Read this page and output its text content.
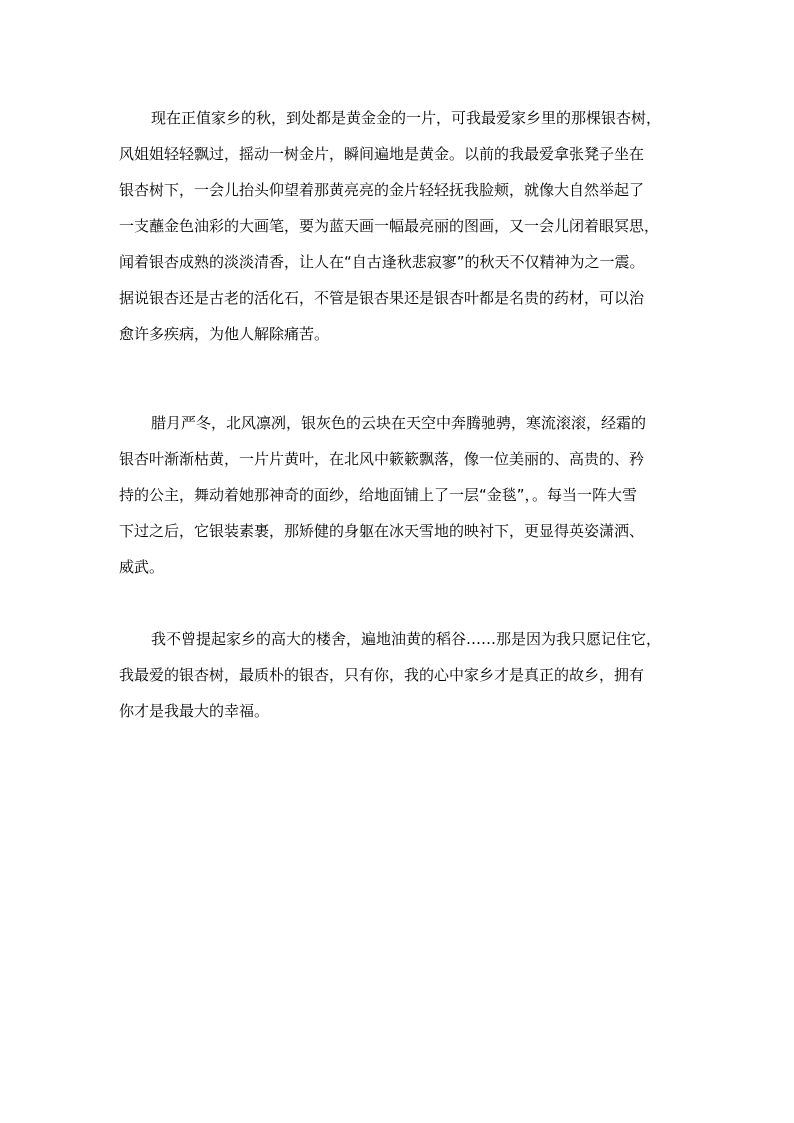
现在正值家乡的秋，到处都是黄金金的一片，可我最爱家乡里的那棵银杏树，
风姐姐轻轻飘过，摇动一树金片，瞬间遍地是黄金。以前的我最爱拿张凳子坐在
银杏树下，一会儿抬头仰望着那黄亮亮的金片轻轻抚我脸颊，就像大自然举起了
一支蘸金色油彩的大画笔，要为蓝天画一幅最亮丽的图画，又一会儿闭着眼冥思，
闻着银杏成熟的淡淡清香，让人在“自古逢秋悲寂寥”的秋天不仅精神为之一震。
据说银杏还是古老的活化石，不管是银杏果还是银杏叶都是名贵的药材，可以治
愈许多疾病，为他人解除痛苦。
腊月严冬，北风凛冽，银灰色的云块在天空中奔腾驰骋，寒流滚滚，经霜的
银杏叶渐渐枯黄，一片片黄叶，在北风中簌簌飘落，像一位美丽的、高贵的、矜
持的公主，舞动着她那神奇的面纱，给地面铺上了一层“金毯”，。每当一阵大雪
下过之后，它银装素裹，那矫健的身躯在冰天雪地的映衬下，更显得英姿潇洒、
威武。
我不曾提起家乡的高大的楼舍，遍地油黄的稻谷……那是因为我只愿记住它，
我最爱的银杏树，最质朴的银杏，只有你，我的心中家乡才是真正的故乡，拥有
你才是我最大的幸福。
